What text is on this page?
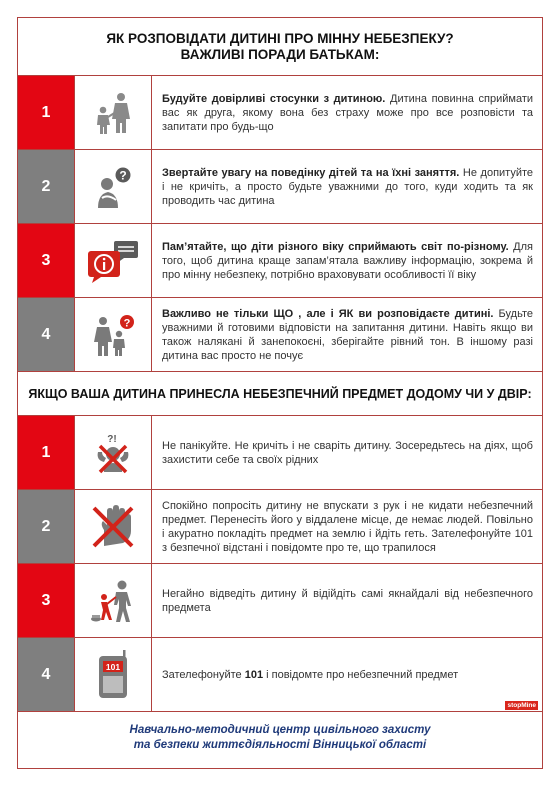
ЯК РОЗПОВІДАТИ ДИТИНІ ПРО МІННУ НЕБЕЗПЕКУ?
ВАЖЛИВІ ПОРАДИ БАТЬКАМ:
1
Будуйте довірливі стосунки з дитиною. Дитина повинна сприймати вас як друга, якому вона без страху може про все розповісти та запитати про будь-що
2
?	Звертайте увагу на поведінку дітей та на їхні заняття. Не допитуйте і не кричіть, а просто будьте уважними до того, куди ходить та як проводить час дитина
3
Пам’ятайте, що діти різного віку сприймають світ по-різному. Для того, щоб дитина краще запам’ятала важливу інформацію, зокрема й про мінну небезпеку, потрібно враховувати особливості її віку
4
?
Важливо не тільки ЩО , але і ЯК ви розповідаєте дитині. Будьте уважними й готовими відповісти на запитання дитини. Навіть якщо ви також налякані й занепокоєні, зберігайте рівний тон. В іншому разі дитина вас просто не почує
ЯКЩО ВАША ДИТИНА ПРИНЕСЛА НЕБЕЗПЕЧНИЙ ПРЕДМЕТ ДОДОМУ ЧИ У ДВІР:
1
?!
Не панікуйте. Не кричіть і не сваріть дитину. Зосередьтесь на діях, щоб захистити себе та своїх рідних
2
Спокійно попросіть дитину не впускати з рук і не кидати небезпечний предмет. Перенесіть його у віддалене місце, де немає людей. Повільно і акуратно покладіть предмет на землю і йдіть геть. Зателефонуйте 101 з безпечної відстані і повідомте про те, що трапилося
3	Негайно відведіть дитину й відійдіть самі якнайдалі від небезпечного предмета
4	101
Зателефонуйте 101 і повідомте про небезпечний предмет
Навчально-методичний центр цивільного захисту
та безпеки життєдіяльності Вінницької області
stopMine
